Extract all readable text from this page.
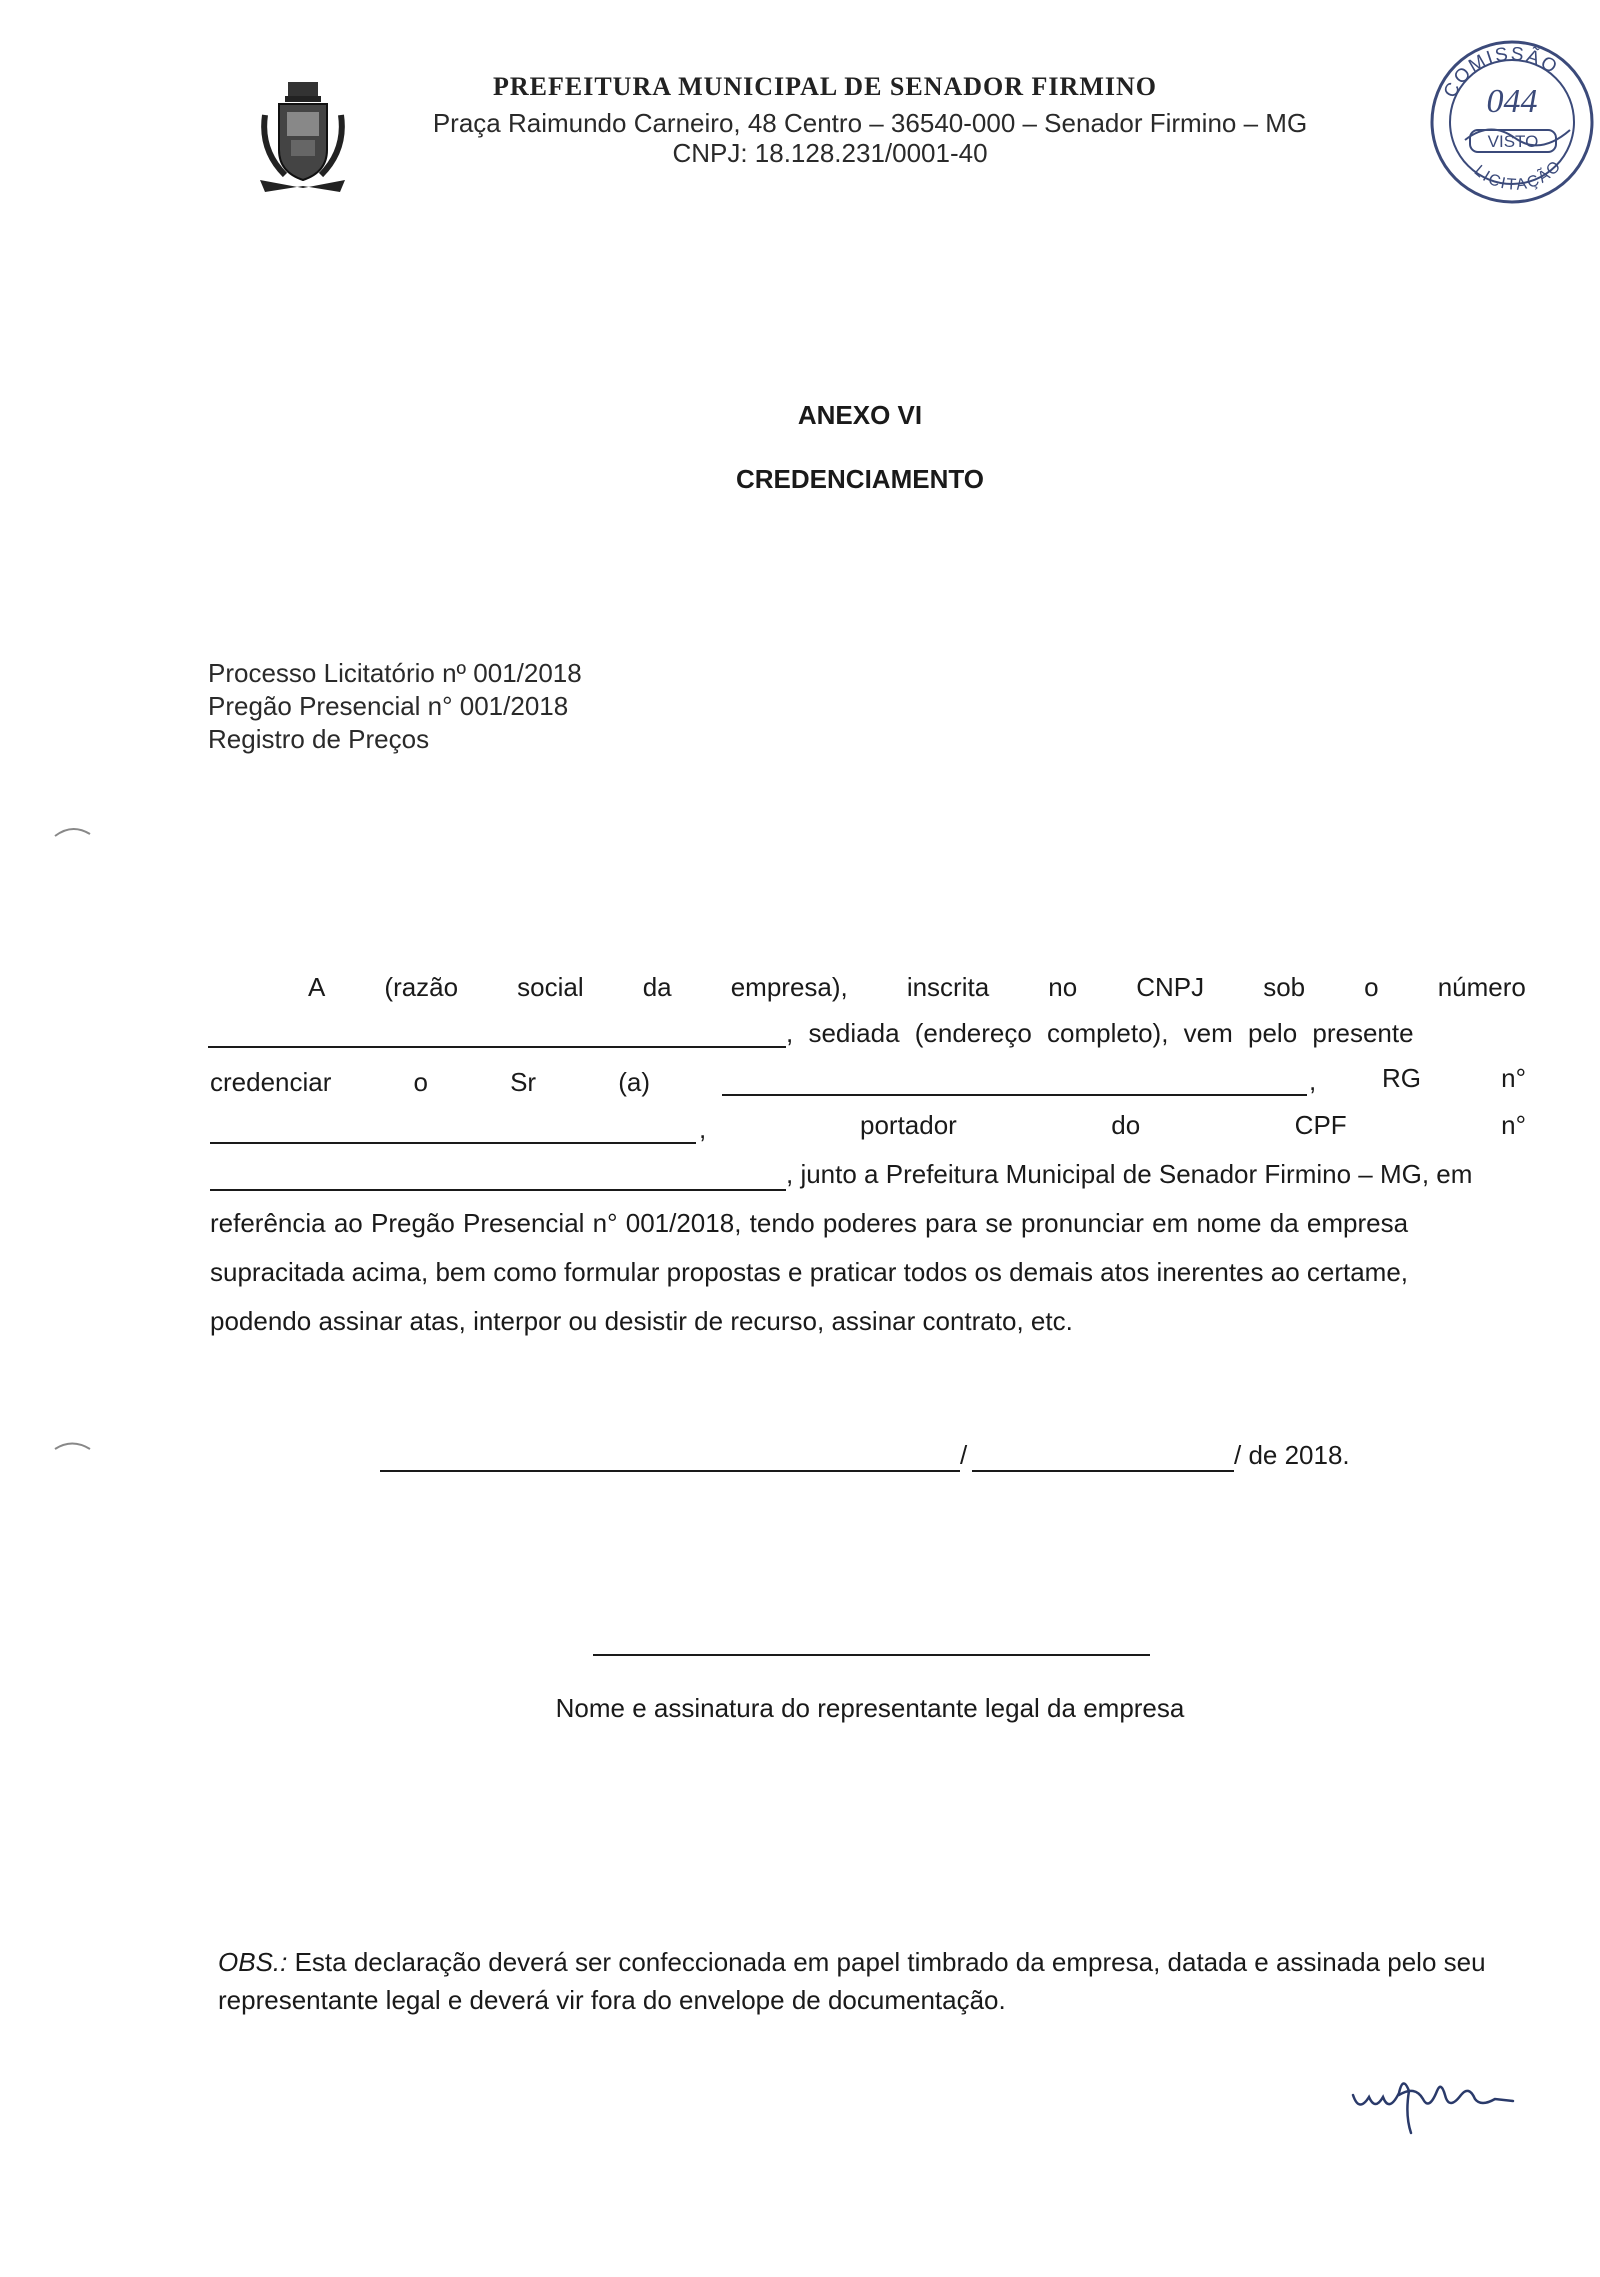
PREFEITURA MUNICIPAL DE SENADOR FIRMINO
Praça Raimundo Carneiro, 48 Centro – 36540-000 – Senador Firmino – MG
CNPJ: 18.128.231/0001-40
COMISSÃO
044
VISTO
LICITAÇÃO
ANEXO VI
CREDENCIAMENTO
Processo Licitatório nº 001/2018
Pregão Presencial n° 001/2018
Registro de Preços
A (razão social da empresa), inscrita no CNPJ sob o número
, sediada (endereço completo), vem pelo presente
credenciar	o	Sr	(a)	,	RG	n°
,	portador	do	CPF	n°
, junto a Prefeitura Municipal de Senador Firmino – MG, em
referência ao Pregão Presencial n° 001/2018, tendo poderes para se pronunciar em nome da empresa
supracitada acima, bem como formular propostas e praticar todos os demais atos inerentes ao certame,
podendo assinar atas, interpor ou desistir de recurso, assinar contrato, etc.
/	/ de 2018.
Nome e assinatura do representante legal da empresa
OBS.: Esta declaração deverá ser confeccionada em papel timbrado da empresa, datada e assinada pelo seu representante legal e deverá vir fora do envelope de documentação.
